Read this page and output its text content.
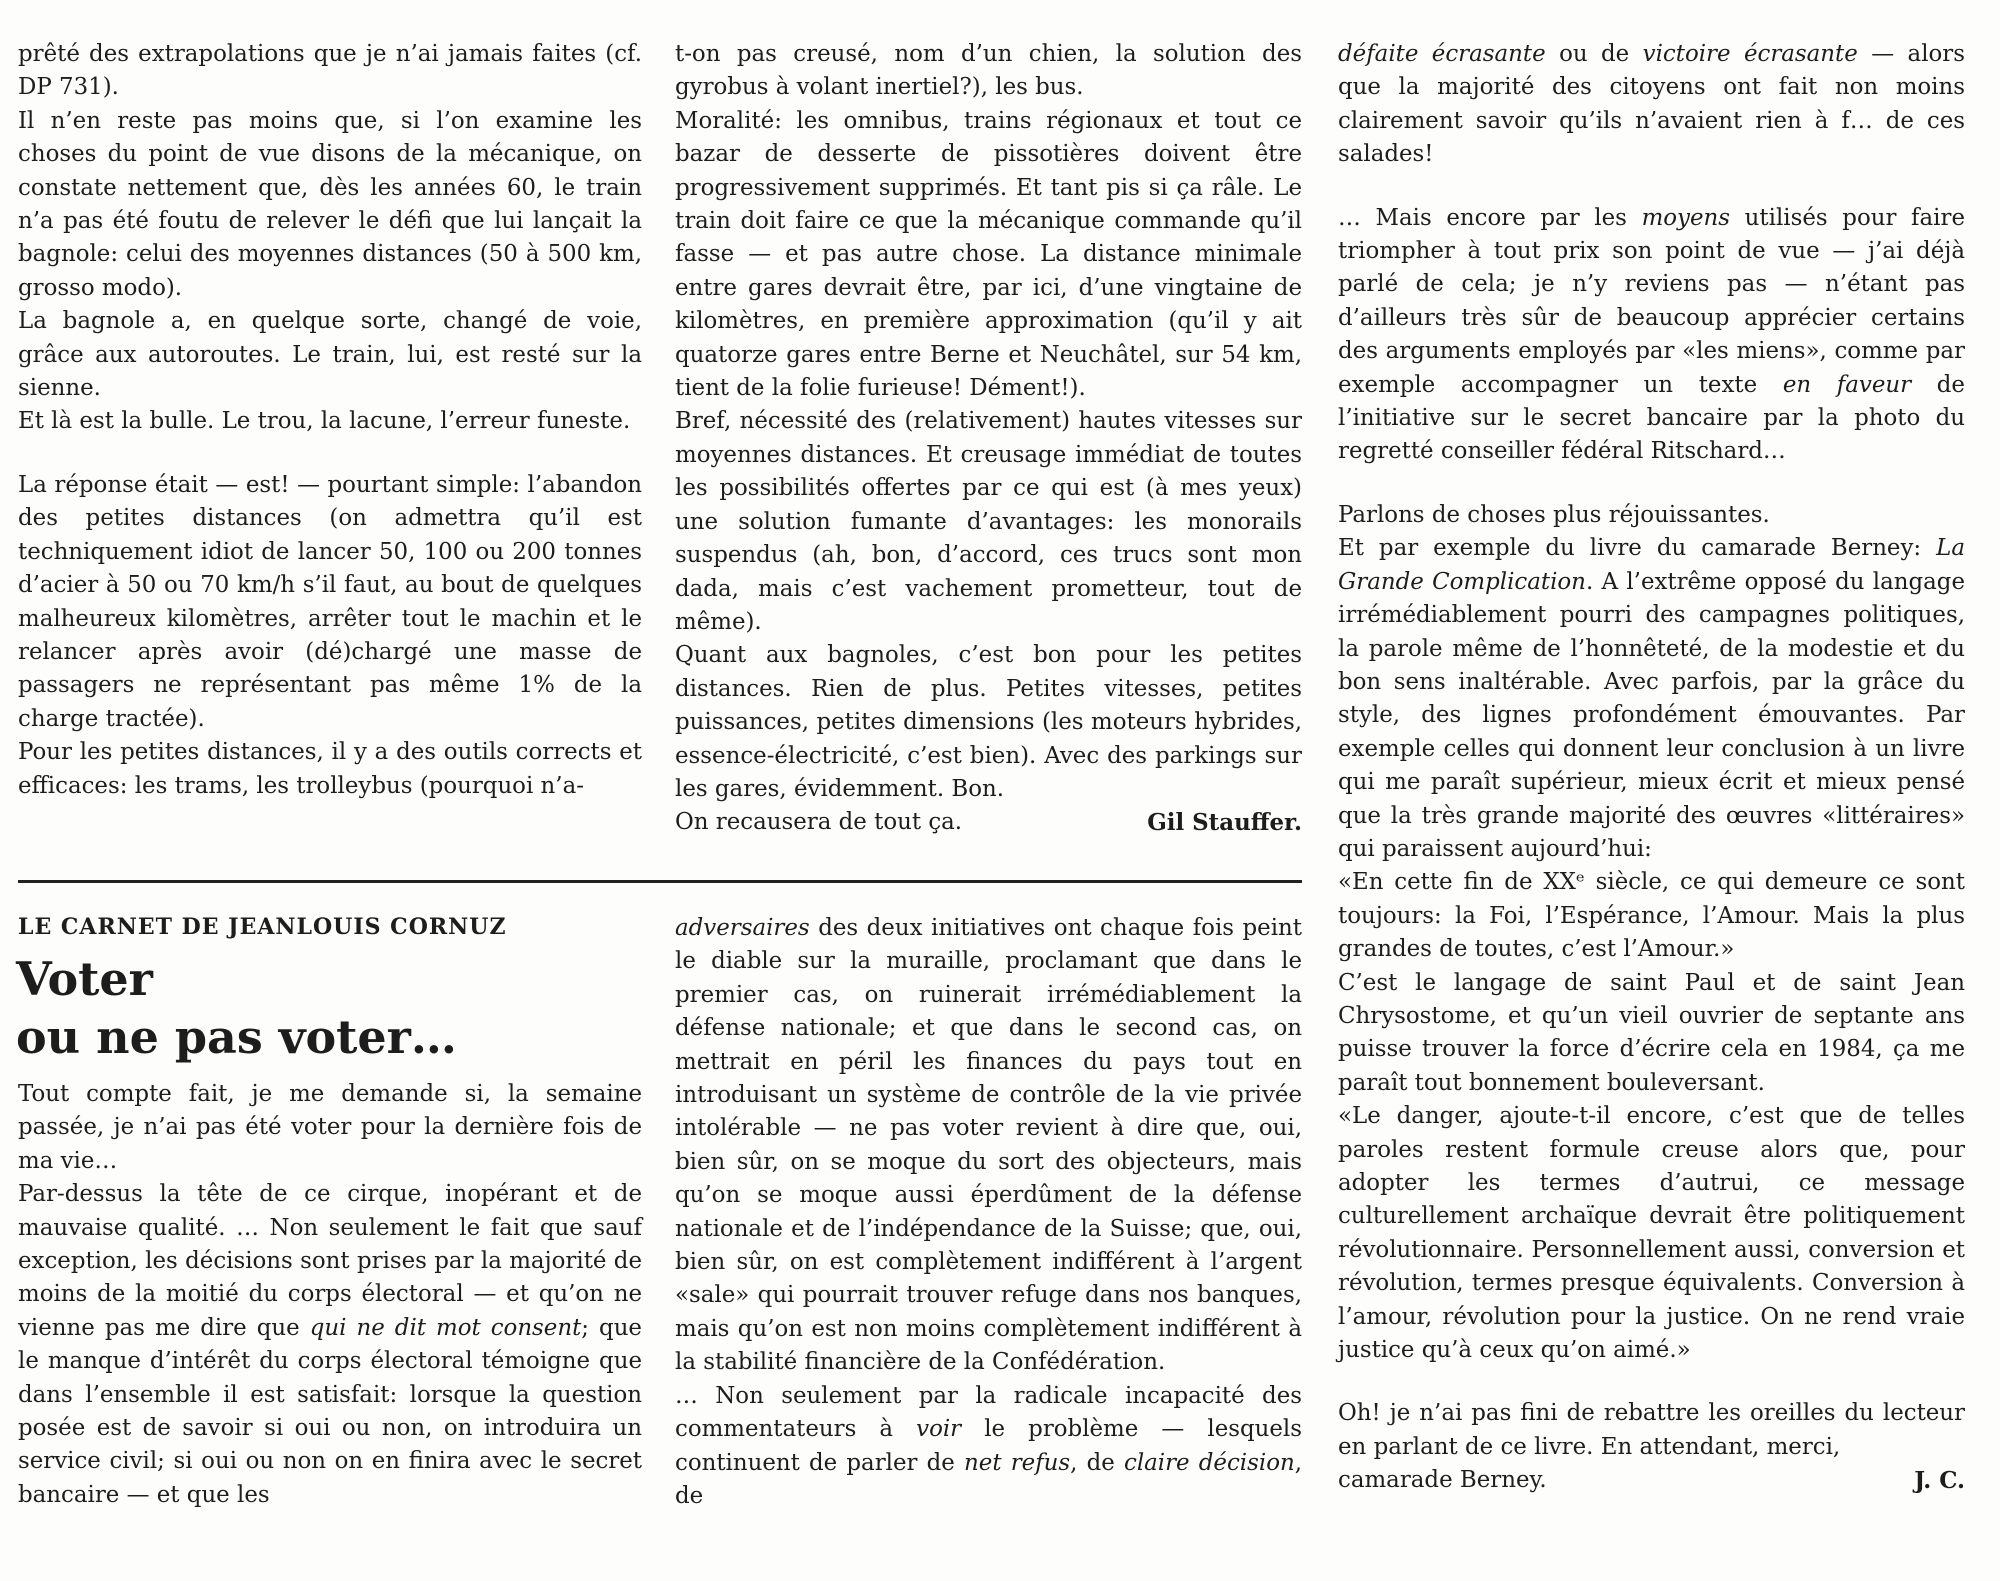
prêté des extrapolations que je n’ai jamais faites (cf. DP 731).

Il n’en reste pas moins que, si l’on examine les choses du point de vue disons de la mécanique, on constate nettement que, dès les années 60, le train n’a pas été foutu de relever le défi que lui lançait la bagnole: celui des moyennes distances (50 à 500 km, grosso modo).

La bagnole a, en quelque sorte, changé de voie, grâce aux autoroutes. Le train, lui, est resté sur la sienne.

Et là est la bulle. Le trou, la lacune, l’erreur funeste.

La réponse était — est! — pourtant simple: l’abandon des petites distances (on admettra qu’il est techniquement idiot de lancer 50, 100 ou 200 tonnes d’acier à 50 ou 70 km/h s’il faut, au bout de quelques malheureux kilomètres, arrêter tout le machin et le relancer après avoir (dé)chargé une masse de passagers ne représentant pas même 1% de la charge tractée).

Pour les petites distances, il y a des outils corrects et efficaces: les trams, les trolleybus (pourquoi n’a-

t-on pas creusé, nom d’un chien, la solution des gyrobus à volant inertiel?), les bus.

Moralité: les omnibus, trains régionaux et tout ce bazar de desserte de pissotières doivent être progressivement supprimés. Et tant pis si ça râle. Le train doit faire ce que la mécanique commande qu’il fasse — et pas autre chose. La distance minimale entre gares devrait être, par ici, d’une vingtaine de kilomètres, en première approximation (qu’il y ait quatorze gares entre Berne et Neuchâtel, sur 54 km, tient de la folie furieuse! Dément!).

Bref, nécessité des (relativement) hautes vitesses sur moyennes distances. Et creusage immédiat de toutes les possibilités offertes par ce qui est (à mes yeux) une solution fumante d’avantages: les monorails suspendus (ah, bon, d’accord, ces trucs sont mon dada, mais c’est vachement prometteur, tout de même).

Quant aux bagnoles, c’est bon pour les petites distances. Rien de plus. Petites vitesses, petites puissances, petites dimensions (les moteurs hybrides, essence-électricité, c’est bien). Avec des parkings sur les gares, évidemment. Bon.

On recausera de tout ça.	Gil Stauffer.

LE CARNET DE JEANLOUIS CORNUZ
Voter
ou ne pas voter…

Tout compte fait, je me demande si, la semaine passée, je n’ai pas été voter pour la dernière fois de ma vie…

Par-dessus la tête de ce cirque, inopérant et de mauvaise qualité. … Non seulement le fait que sauf exception, les décisions sont prises par la majorité de moins de la moitié du corps électoral — et qu’on ne vienne pas me dire que qui ne dit mot consent; que le manque d’intérêt du corps électoral témoigne que dans l’ensemble il est satisfait: lorsque la question posée est de savoir si oui ou non, on introduira un service civil; si oui ou non on en finira avec le secret bancaire — et que les

adversaires des deux initiatives ont chaque fois peint le diable sur la muraille, proclamant que dans le premier cas, on ruinerait irrémédiablement la défense nationale; et que dans le second cas, on mettrait en péril les finances du pays tout en introduisant un système de contrôle de la vie privée intolérable — ne pas voter revient à dire que, oui, bien sûr, on se moque du sort des objecteurs, mais qu’on se moque aussi éperdûment de la défense nationale et de l’indépendance de la Suisse; que, oui, bien sûr, on est complètement indifférent à l’argent «sale» qui pourrait trouver refuge dans nos banques, mais qu’on est non moins complètement indifférent à la stabilité financière de la Confédération.

… Non seulement par la radicale incapacité des commentateurs à voir le problème — lesquels continuent de parler de net refus, de claire décision, de

défaite écrasante ou de victoire écrasante — alors que la majorité des citoyens ont fait non moins clairement savoir qu’ils n’avaient rien à f… de ces salades!

… Mais encore par les moyens utilisés pour faire triompher à tout prix son point de vue — j’ai déjà parlé de cela; je n’y reviens pas — n’étant pas d’ailleurs très sûr de beaucoup apprécier certains des arguments employés par «les miens», comme par exemple accompagner un texte en faveur de l’initiative sur le secret bancaire par la photo du regretté conseiller fédéral Ritschard…

Parlons de choses plus réjouissantes.

Et par exemple du livre du camarade Berney: La Grande Complication. A l’extrême opposé du langage irrémédiablement pourri des campagnes politiques, la parole même de l’honnêteté, de la modestie et du bon sens inaltérable. Avec parfois, par la grâce du style, des lignes profondément émouvantes. Par exemple celles qui donnent leur conclusion à un livre qui me paraît supérieur, mieux écrit et mieux pensé que la très grande majorité des œuvres «littéraires» qui paraissent aujourd’hui:

«En cette fin de XXᵉ siècle, ce qui demeure ce sont toujours: la Foi, l’Espérance, l’Amour. Mais la plus grandes de toutes, c’est l’Amour.»

C’est le langage de saint Paul et de saint Jean Chrysostome, et qu’un vieil ouvrier de septante ans puisse trouver la force d’écrire cela en 1984, ça me paraît tout bonnement bouleversant.

«Le danger, ajoute-t-il encore, c’est que de telles paroles restent formule creuse alors que, pour adopter les termes d’autrui, ce message culturellement archaïque devrait être politiquement révolutionnaire. Personnellement aussi, conversion et révolution, termes presque équivalents. Conversion à l’amour, révolution pour la justice. On ne rend vraie justice qu’à ceux qu’on aimé.»

Oh! je n’ai pas fini de rebattre les oreilles du lecteur en parlant de ce livre. En attendant, merci,

camarade Berney.	J. C.
